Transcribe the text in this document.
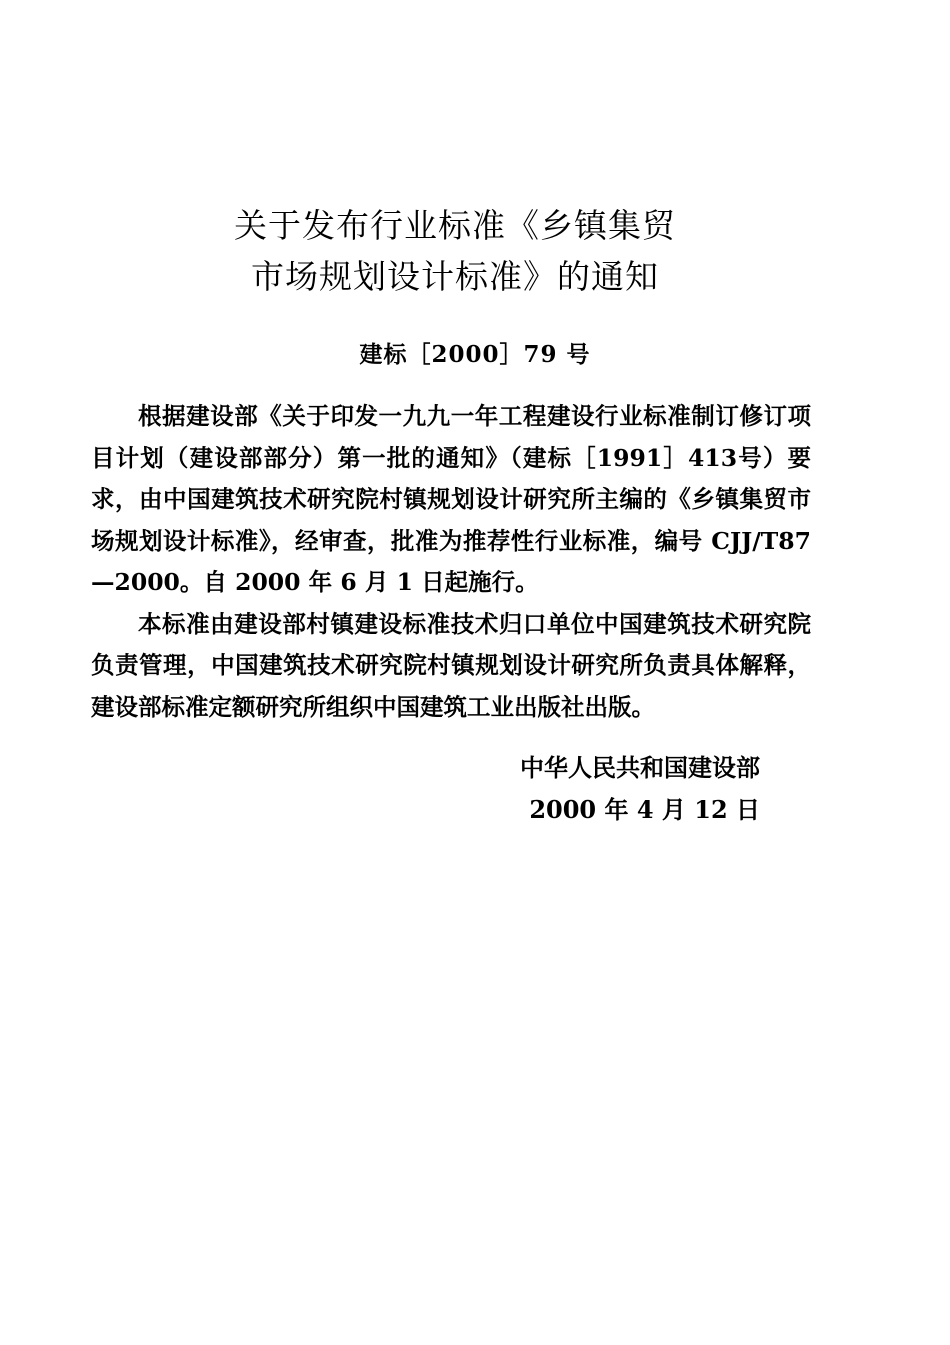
关于发布行业标准《乡镇集贸
市场规划设计标准》的通知
建标［2000］79 号

根据建设部《关于印发一九九一年工程建设行业标准制订修订项目计划（建设部部分）第一批的通知》（建标［1991］413号）要求，由中国建筑技术研究院村镇规划设计研究所主编的《乡镇集贸市场规划设计标准》，经审查，批准为推荐性行业标准，编号 CJJ/T87—2000。自 2000 年 6 月 1 日起施行。

本标准由建设部村镇建设标准技术归口单位中国建筑技术研究院负责管理，中国建筑技术研究院村镇规划设计研究所负责具体解释，建设部标准定额研究所组织中国建筑工业出版社出版。

中华人民共和国建设部
2000 年 4 月 12 日
